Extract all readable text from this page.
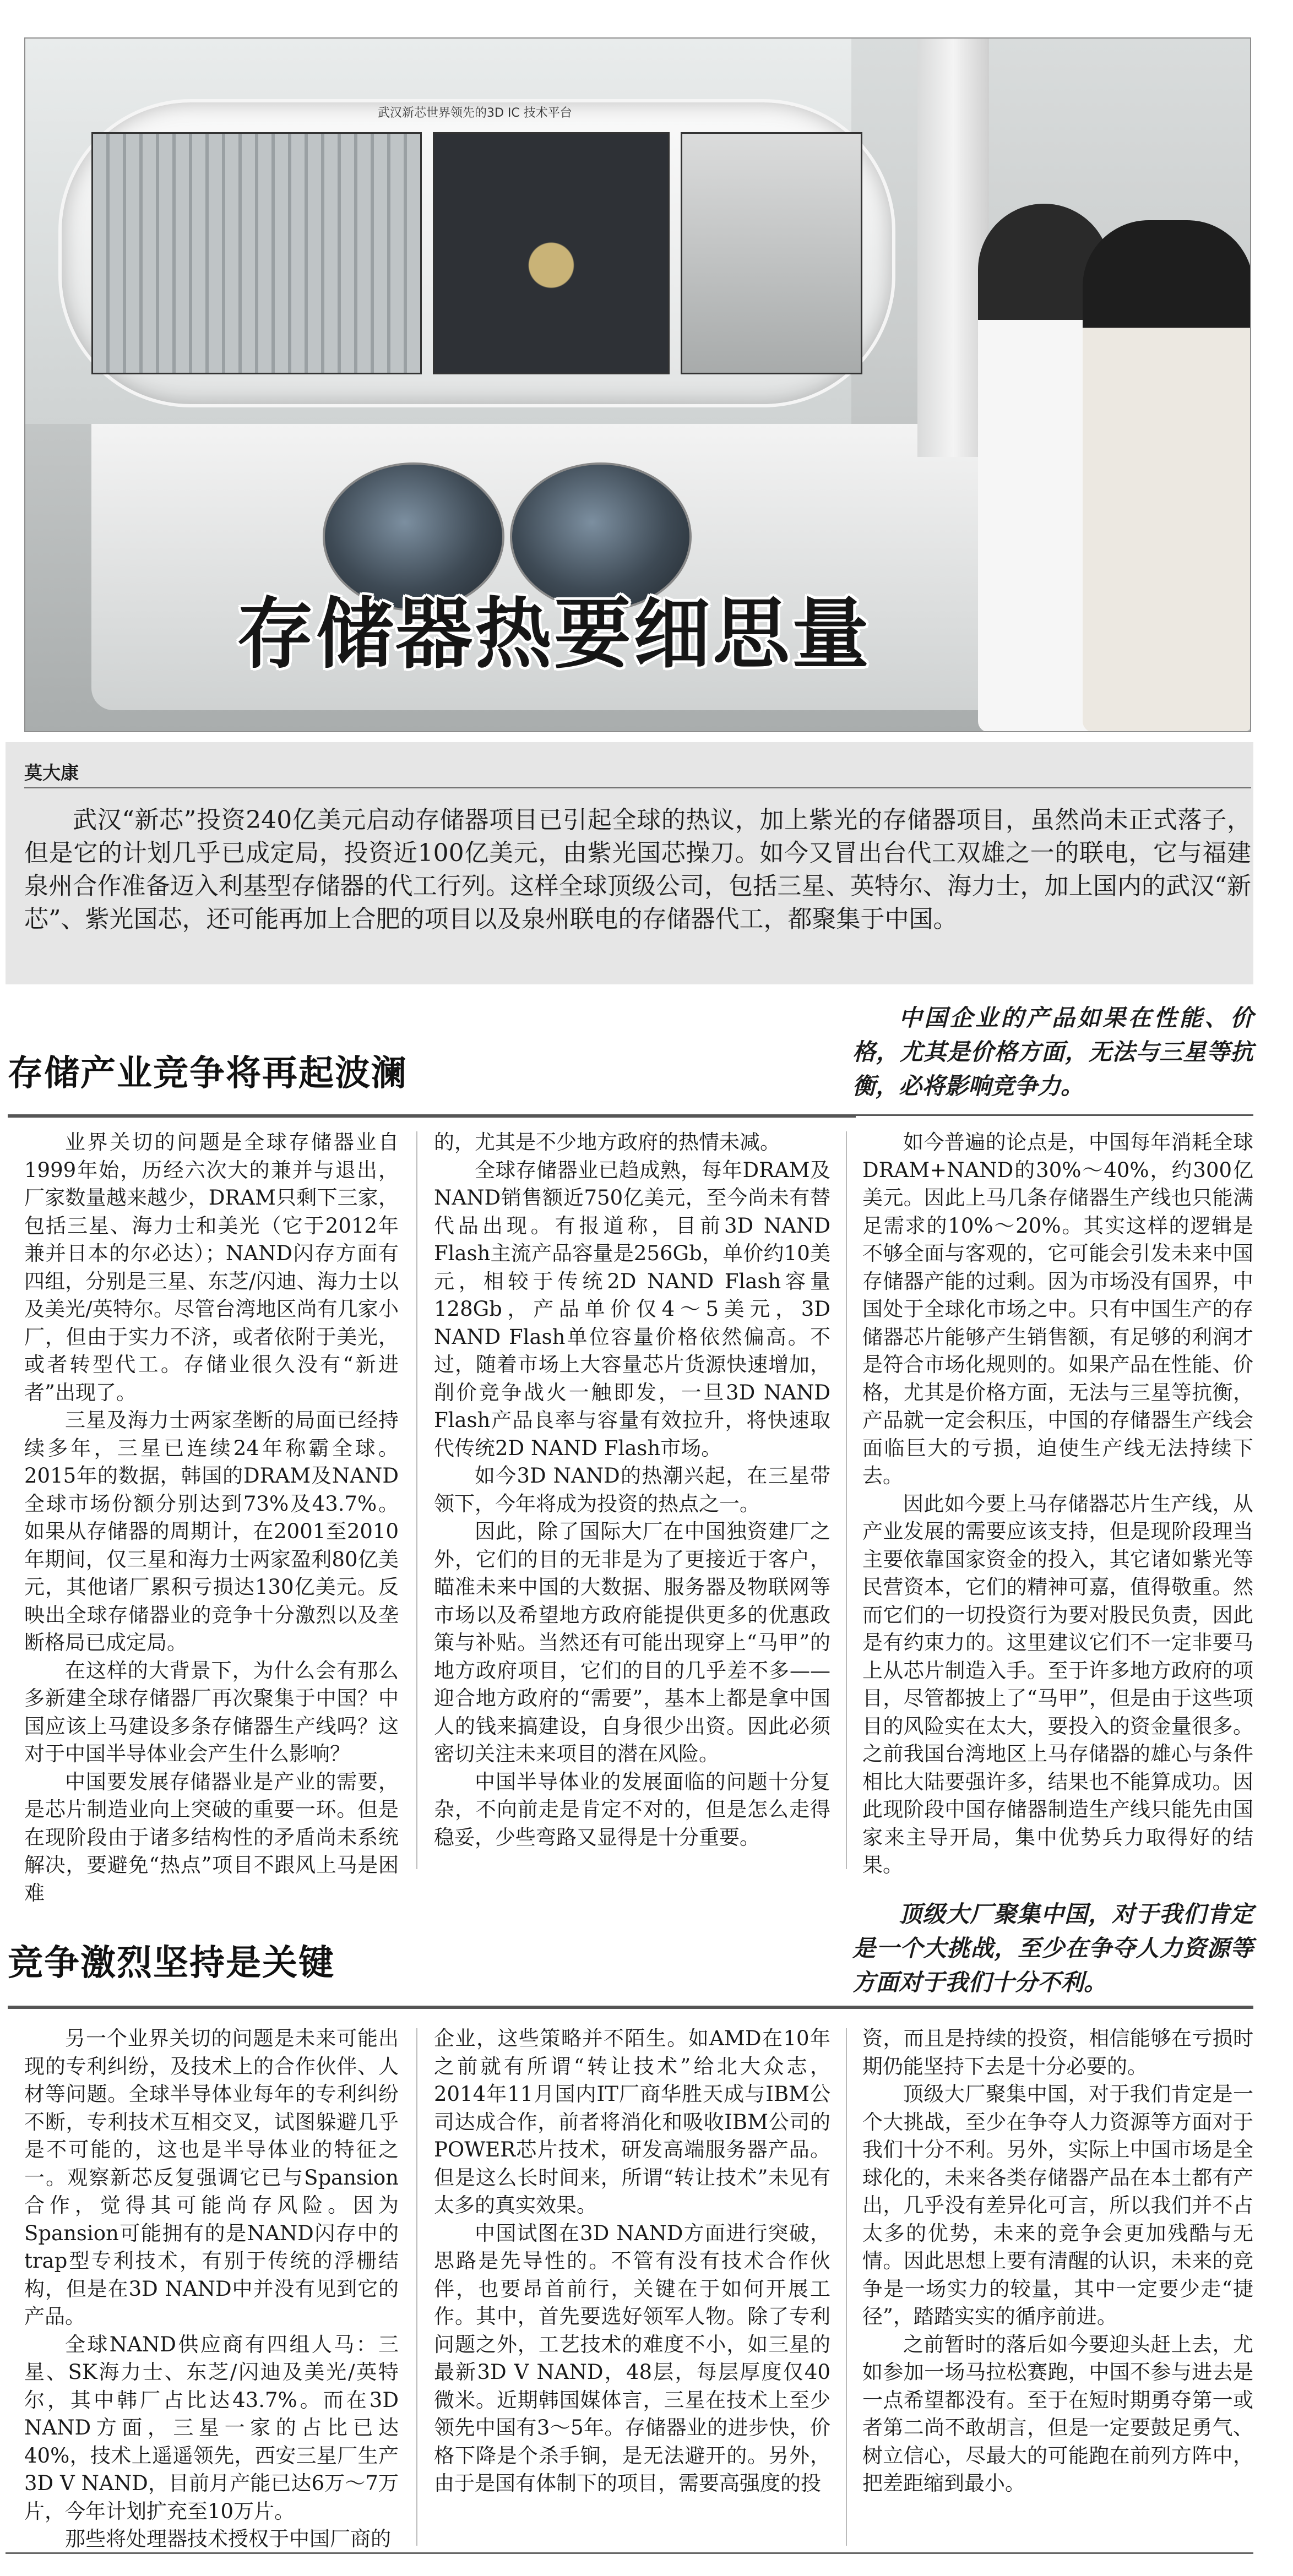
武汉新芯世界领先的3D IC 技术平台
存储器热要细思量
莫大康

武汉“新芯”投资240亿美元启动存储器项目已引起全球的热议，加上紫光的存储器项目，虽然尚未正式落子，但是它的计划几乎已成定局，投资近100亿美元，由紫光国芯操刀。如今又冒出台代工双雄之一的联电，它与福建泉州合作准备迈入利基型存储器的代工行列。这样全球顶级公司，包括三星、英特尔、海力士，加上国内的武汉“新芯”、紫光国芯，还可能再加上合肥的项目以及泉州联电的存储器代工，都聚集于中国。

存储产业竞争将再起波澜

中国企业的产品如果在性能、价格，尤其是价格方面，无法与三星等抗衡，必将影响竞争力。

业界关切的问题是全球存储器业自1999年始，历经六次大的兼并与退出，厂家数量越来越少，DRAM只剩下三家，包括三星、海力士和美光（它于2012年兼并日本的尔必达）；NAND闪存方面有四组，分别是三星、东芝/闪迪、海力士以及美光/英特尔。尽管台湾地区尚有几家小厂，但由于实力不济，或者依附于美光，或者转型代工。存储业很久没有“新进者”出现了。

三星及海力士两家垄断的局面已经持续多年，三星已连续24年称霸全球。2015年的数据，韩国的DRAM及NAND全球市场份额分别达到73%及43.7%。如果从存储器的周期计，在2001至2010年期间，仅三星和海力士两家盈利80亿美元，其他诸厂累积亏损达130亿美元。反映出全球存储器业的竞争十分激烈以及垄断格局已成定局。

在这样的大背景下，为什么会有那么多新建全球存储器厂再次聚集于中国？中国应该上马建设多条存储器生产线吗？这对于中国半导体业会产生什么影响？

中国要发展存储器业是产业的需要，是芯片制造业向上突破的重要一环。但是在现阶段由于诸多结构性的矛盾尚未系统解决，要避免“热点”项目不跟风上马是困难

的，尤其是不少地方政府的热情未减。

全球存储器业已趋成熟，每年DRAM及NAND销售额近750亿美元，至今尚未有替代品出现。有报道称，目前3D NAND Flash主流产品容量是256Gb，单价约10美元，相较于传统2D NAND Flash容量128Gb，产品单价仅4～5美元，3D NAND Flash单位容量价格依然偏高。不过，随着市场上大容量芯片货源快速增加，削价竞争战火一触即发，一旦3D NAND Flash产品良率与容量有效拉升，将快速取代传统2D NAND Flash市场。

如今3D NAND的热潮兴起，在三星带领下，今年将成为投资的热点之一。

因此，除了国际大厂在中国独资建厂之外，它们的目的无非是为了更接近于客户，瞄准未来中国的大数据、服务器及物联网等市场以及希望地方政府能提供更多的优惠政策与补贴。当然还有可能出现穿上“马甲”的地方政府项目，它们的目的几乎差不多——迎合地方政府的“需要”，基本上都是拿中国人的钱来搞建设，自身很少出资。因此必须密切关注未来项目的潜在风险。

中国半导体业的发展面临的问题十分复杂，不向前走是肯定不对的，但是怎么走得稳妥，少些弯路又显得是十分重要。

如今普遍的论点是，中国每年消耗全球DRAM+NAND的30%～40%，约300亿美元。因此上马几条存储器生产线也只能满足需求的10%～20%。其实这样的逻辑是不够全面与客观的，它可能会引发未来中国存储器产能的过剩。因为市场没有国界，中国处于全球化市场之中。只有中国生产的存储器芯片能够产生销售额，有足够的利润才是符合市场化规则的。如果产品在性能、价格，尤其是价格方面，无法与三星等抗衡，产品就一定会积压，中国的存储器生产线会面临巨大的亏损，迫使生产线无法持续下去。

因此如今要上马存储器芯片生产线，从产业发展的需要应该支持，但是现阶段理当主要依靠国家资金的投入，其它诸如紫光等民营资本，它们的精神可嘉，值得敬重。然而它们的一切投资行为要对股民负责，因此是有约束力的。这里建议它们不一定非要马上从芯片制造入手。至于许多地方政府的项目，尽管都披上了“马甲”，但是由于这些项目的风险实在太大，要投入的资金量很多。之前我国台湾地区上马存储器的雄心与条件相比大陆要强许多，结果也不能算成功。因此现阶段中国存储器制造生产线只能先由国家来主导开局，集中优势兵力取得好的结果。

竞争激烈坚持是关键

顶级大厂聚集中国，对于我们肯定是一个大挑战，至少在争夺人力资源等方面对于我们十分不利。

另一个业界关切的问题是未来可能出现的专利纠纷，及技术上的合作伙伴、人材等问题。全球半导体业每年的专利纠纷不断，专利技术互相交叉，试图躲避几乎是不可能的，这也是半导体业的特征之一。观察新芯反复强调它已与Spansion合作，觉得其可能尚存风险。因为Spansion可能拥有的是NAND闪存中的trap型专利技术，有别于传统的浮栅结构，但是在3D NAND中并没有见到它的产品。

全球NAND供应商有四组人马：三星、SK海力士、东芝/闪迪及美光/英特尔，其中韩厂占比达43.7%。而在3D NAND方面，三星一家的占比已达40%，技术上遥遥领先，西安三星厂生产3D V NAND，目前月产能已达6万～7万片，今年计划扩充至10万片。

那些将处理器技术授权于中国厂商的

企业，这些策略并不陌生。如AMD在10年之前就有所谓“转让技术”给北大众志，2014年11月国内IT厂商华胜天成与IBM公司达成合作，前者将消化和吸收IBM公司的POWER芯片技术，研发高端服务器产品。但是这么长时间来，所谓“转让技术”未见有太多的真实效果。

中国试图在3D NAND方面进行突破，思路是先导性的。不管有没有技术合作伙伴，也要昂首前行，关键在于如何开展工作。其中，首先要选好领军人物。除了专利问题之外，工艺技术的难度不小，如三星的最新3D V NAND，48层，每层厚度仅40微米。近期韩国媒体言，三星在技术上至少领先中国有3～5年。存储器业的进步快，价格下降是个杀手锏，是无法避开的。另外，由于是国有体制下的项目，需要高强度的投

资，而且是持续的投资，相信能够在亏损时期仍能坚持下去是十分必要的。

顶级大厂聚集中国，对于我们肯定是一个大挑战，至少在争夺人力资源等方面对于我们十分不利。另外，实际上中国市场是全球化的，未来各类存储器产品在本土都有产出，几乎没有差异化可言，所以我们并不占太多的优势，未来的竞争会更加残酷与无情。因此思想上要有清醒的认识，未来的竞争是一场实力的较量，其中一定要少走“捷径”，踏踏实实的循序前进。

之前暂时的落后如今要迎头赶上去，尤如参加一场马拉松赛跑，中国不参与进去是一点希望都没有。至于在短时期勇夺第一或者第二尚不敢胡言，但是一定要鼓足勇气、树立信心，尽最大的可能跑在前列方阵中，把差距缩到最小。
